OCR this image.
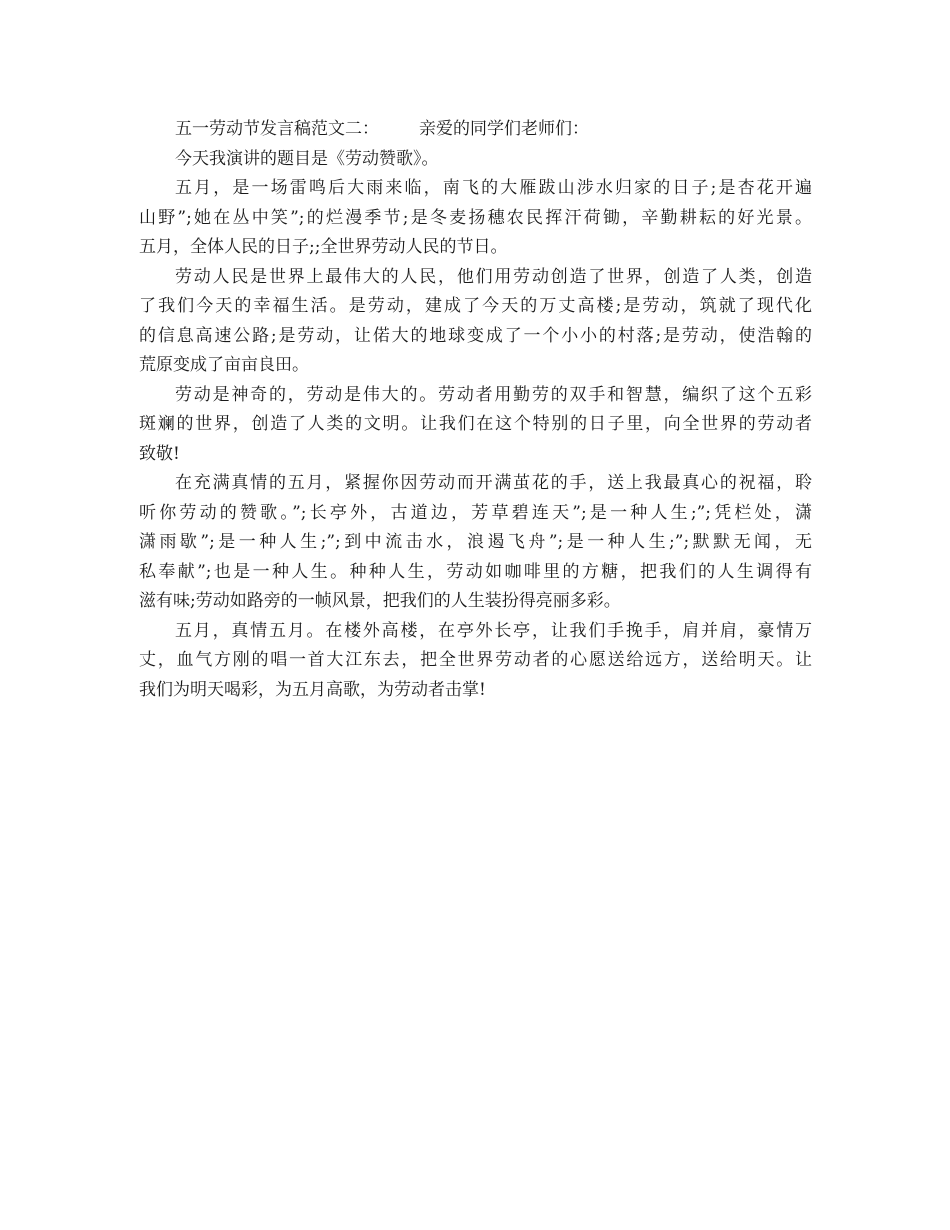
五一劳动节发言稿范文二： 亲爱的同学们老师们：
今天我演讲的题目是《劳动赞歌》。
五月，是一场雷鸣后大雨来临，南飞的大雁跋山涉水归家的日子;是杏花开遍
山野”;她在丛中笑”;的烂漫季节;是冬麦扬穗农民挥汗荷锄，辛勤耕耘的好光景。
五月，全体人民的日子;;全世界劳动人民的节日。
劳动人民是世界上最伟大的人民，他们用劳动创造了世界，创造了人类，创造
了我们今天的幸福生活。是劳动，建成了今天的万丈高楼;是劳动，筑就了现代化
的信息高速公路;是劳动，让偌大的地球变成了一个小小的村落;是劳动，使浩翰的
荒原变成了亩亩良田。
劳动是神奇的，劳动是伟大的。劳动者用勤劳的双手和智慧，编织了这个五彩
斑斓的世界，创造了人类的文明。让我们在这个特别的日子里，向全世界的劳动者
致敬!
在充满真情的五月，紧握你因劳动而开满茧花的手，送上我最真心的祝福，聆
听你劳动的赞歌。”;长亭外，古道边，芳草碧连天”;是一种人生;”;凭栏处，潇
潇雨歇”;是一种人生;”;到中流击水，浪遏飞舟”;是一种人生;”;默默无闻，无
私奉献”;也是一种人生。种种人生，劳动如咖啡里的方糖，把我们的人生调得有
滋有味;劳动如路旁的一帧风景，把我们的人生装扮得亮丽多彩。
五月，真情五月。在楼外高楼，在亭外长亭，让我们手挽手，肩并肩，豪情万
丈，血气方刚的唱一首大江东去，把全世界劳动者的心愿送给远方，送给明天。让
我们为明天喝彩，为五月高歌，为劳动者击掌!
